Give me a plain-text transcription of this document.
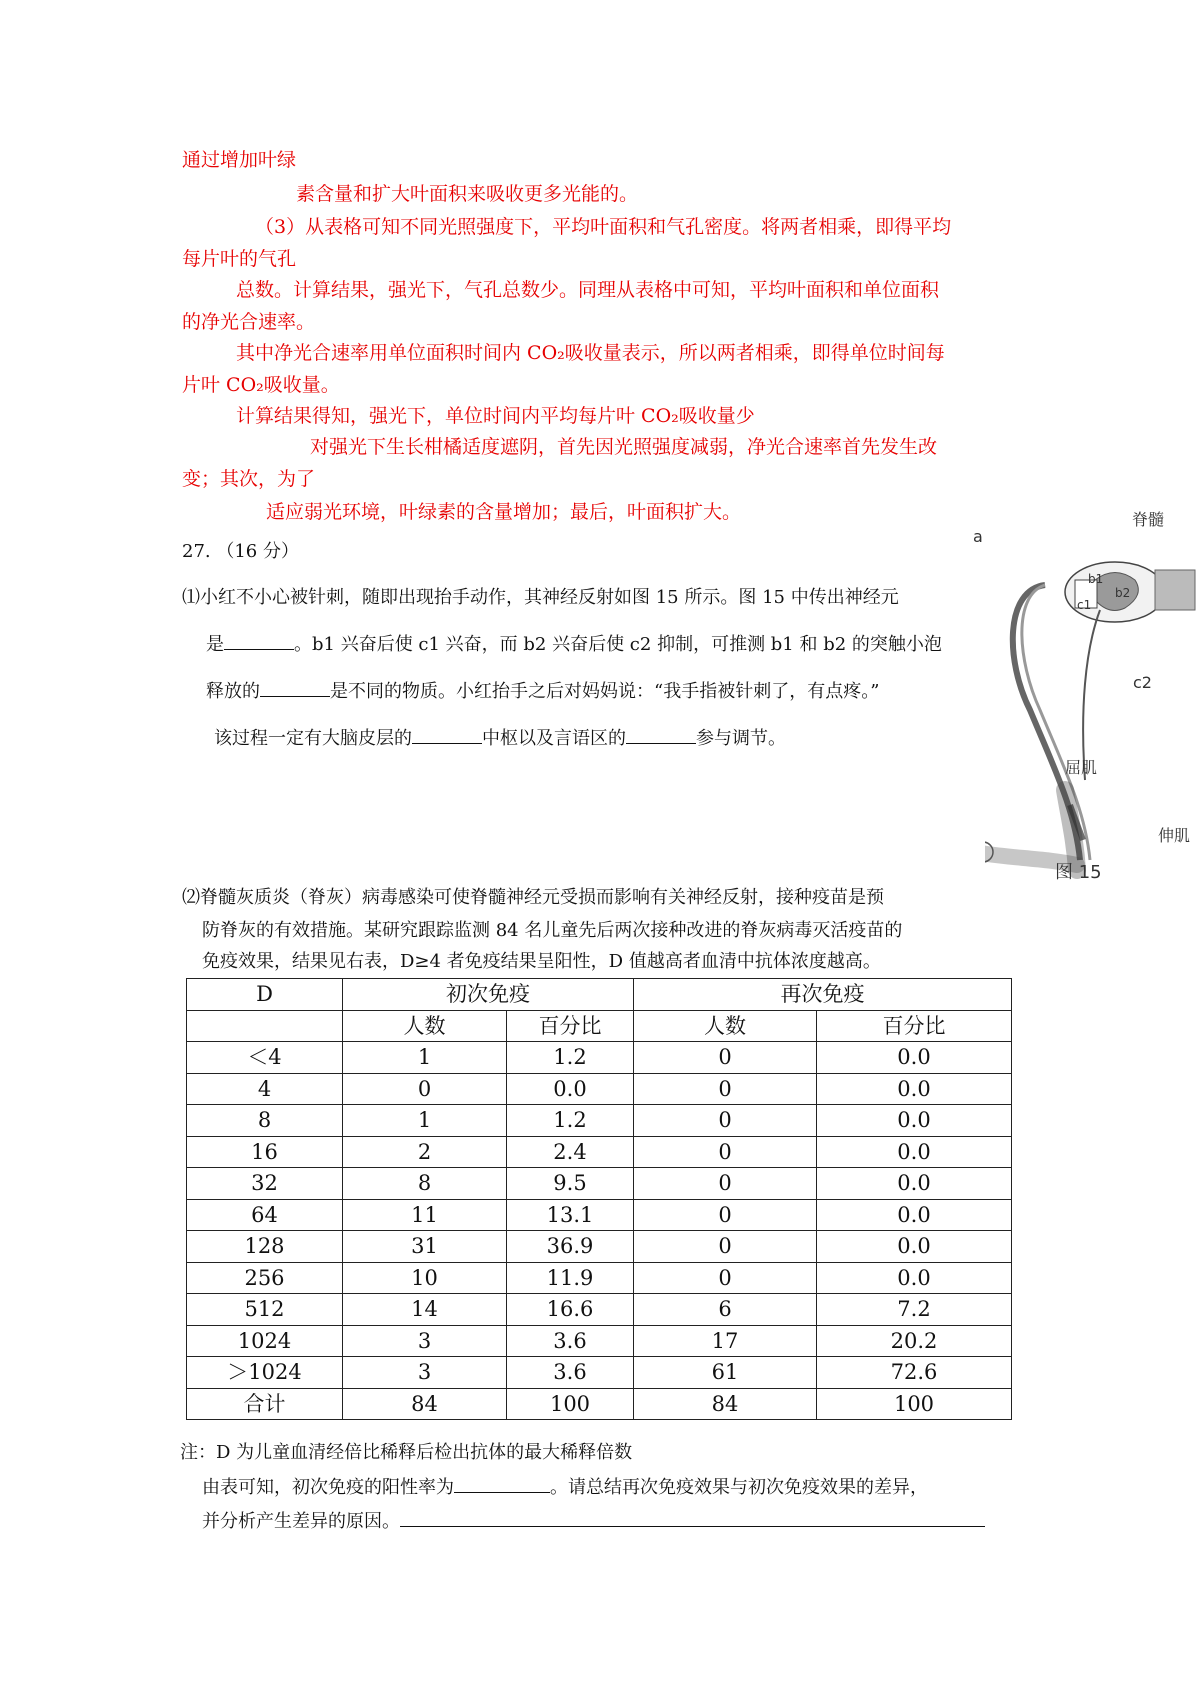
通过增加叶绿
素含量和扩大叶面积来吸收更多光能的。
（3）从表格可知不同光照强度下，平均叶面积和气孔密度。将两者相乘，即得平均
每片叶的气孔
总数。计算结果，强光下，气孔总数少。同理从表格中可知，平均叶面积和单位面积
的净光合速率。
其中净光合速率用单位面积时间内 CO₂吸收量表示，所以两者相乘，即得单位时间每
片叶 CO₂吸收量。
计算结果得知，强光下，单位时间内平均每片叶 CO₂吸收量少
对强光下生长柑橘适度遮阴，首先因光照强度减弱，净光合速率首先发生改
变；其次，为了
适应弱光环境，叶绿素的含量增加；最后，叶面积扩大。
27. （16 分）
⑴小红不小心被针刺，随即出现抬手动作，其神经反射如图 15 所示。图 15 中传出神经元
是	。b1 兴奋后使 c1 兴奋，而 b2 兴奋后使 c2 抑制，可推测 b1 和 b2 的突触小泡
释放的	是不同的物质。小红抬手之后对妈妈说：“我手指被针刺了，有点疼。”
该过程一定有大脑皮层的	中枢以及言语区的	参与调节。
a
脊髓
b1
b2
c1
c2
屈肌
伸肌
图 15
⑵脊髓灰质炎（脊灰）病毒感染可使脊髓神经元受损而影响有关神经反射，接种疫苗是预
防脊灰的有效措施。某研究跟踪监测 84 名儿童先后两次接种改进的脊灰病毒灭活疫苗的
免疫效果，结果见右表，D≥4 者免疫结果呈阳性，D 值越高者血清中抗体浓度越高。
D	初次免疫		再次免疫	
	人数	百分比	人数	百分比
＜4	1	1.2	0	0.0
4	0	0.0	0	0.0
8	1	1.2	0	0.0
16	2	2.4	0	0.0
32	8	9.5	0	0.0
64	11	13.1	0	0.0
128	31	36.9	0	0.0
256	10	11.9	0	0.0
512	14	16.6	6	7.2
1024	3	3.6	17	20.2
＞1024	3	3.6	61	72.6
合计	84	100	84	100
注：D 为儿童血清经倍比稀释后检出抗体的最大稀释倍数
由表可知，初次免疫的阳性率为	。请总结再次免疫效果与初次免疫效果的差异，
并分析产生差异的原因。
